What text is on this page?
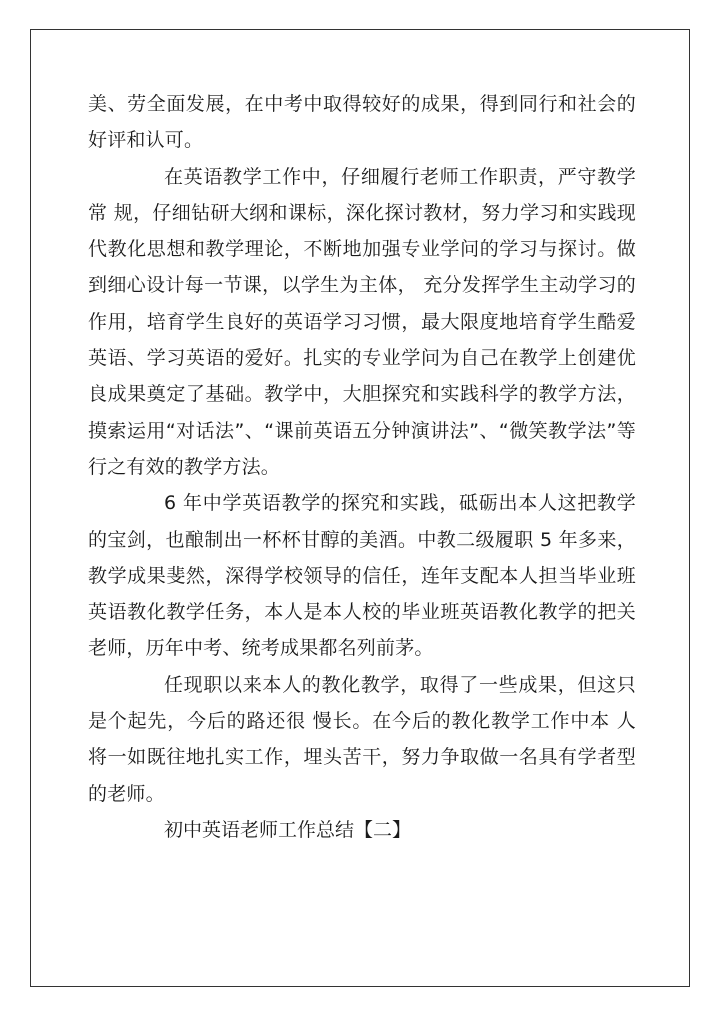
美、劳全面发展，在中考中取得较好的成果，得到同行和社会的好评和认可。

在英语教学工作中，仔细履行老师工作职责，严守教学常 规，仔细钻研大纲和课标，深化探讨教材，努力学习和实践现代教化思想和教学理论，不断地加强专业学问的学习与探讨。做到细心设计每一节课，以学生为主体， 充分发挥学生主动学习的作用，培育学生良好的英语学习习惯，最大限度地培育学生酷爱英语、学习英语的爱好。扎实的专业学问为自己在教学上创建优良成果奠定了基础。教学中，大胆探究和实践科学的教学方法，摸索运用“对话法”、“课前英语五分钟演讲法”、“微笑教学法”等行之有效的教学方法。

6 年中学英语教学的探究和实践，砥砺出本人这把教学的宝剑，也酿制出一杯杯甘醇的美酒。中教二级履职 5 年多来，教学成果斐然，深得学校领导的信任，连年支配本人担当毕业班英语教化教学任务，本人是本人校的毕业班英语教化教学的把关老师，历年中考、统考成果都名列前茅。

任现职以来本人的教化教学，取得了一些成果，但这只是个起先，今后的路还很 慢长。在今后的教化教学工作中本 人将一如既往地扎实工作，埋头苦干，努力争取做一名具有学者型的老师。

初中英语老师工作总结【二】
